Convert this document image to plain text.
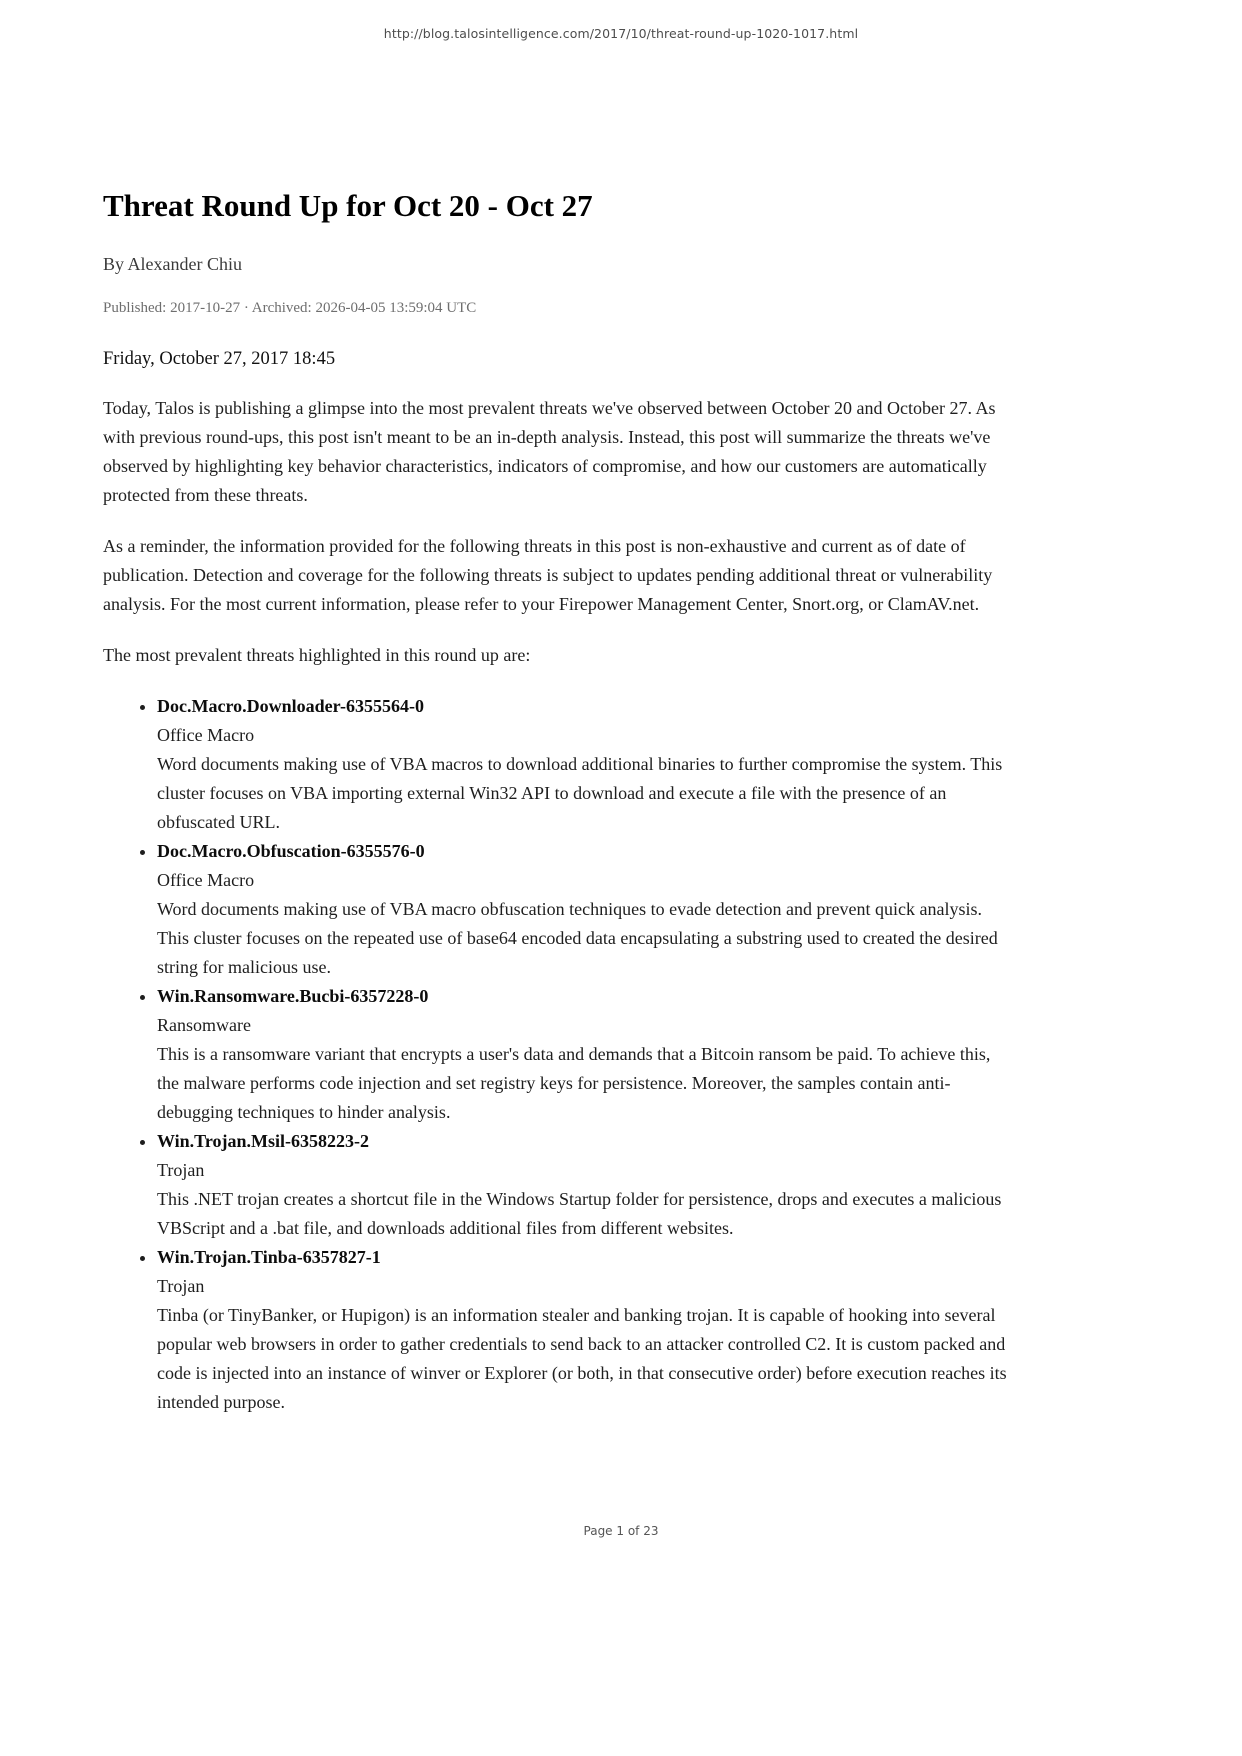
http://blog.talosintelligence.com/2017/10/threat-round-up-1020-1017.html
Threat Round Up for Oct 20 - Oct 27
By Alexander Chiu
Published: 2017-10-27 · Archived: 2026-04-05 13:59:04 UTC
Friday, October 27, 2017 18:45

Today, Talos is publishing a glimpse into the most prevalent threats we've observed between October 20 and October 27. As with previous round-ups, this post isn't meant to be an in-depth analysis. Instead, this post will summarize the threats we've observed by highlighting key behavior characteristics, indicators of compromise, and how our customers are automatically protected from these threats.

As a reminder, the information provided for the following threats in this post is non-exhaustive and current as of date of publication. Detection and coverage for the following threats is subject to updates pending additional threat or vulnerability analysis. For the most current information, please refer to your Firepower Management Center, Snort.org, or ClamAV.net.

The most prevalent threats highlighted in this round up are:

• Doc.Macro.Downloader-6355564-0
Office Macro
Word documents making use of VBA macros to download additional binaries to further compromise the system. This cluster focuses on VBA importing external Win32 API to download and execute a file with the presence of an obfuscated URL.
• Doc.Macro.Obfuscation-6355576-0
Office Macro
Word documents making use of VBA macro obfuscation techniques to evade detection and prevent quick analysis. This cluster focuses on the repeated use of base64 encoded data encapsulating a substring used to created the desired string for malicious use.
• Win.Ransomware.Bucbi-6357228-0
Ransomware
This is a ransomware variant that encrypts a user's data and demands that a Bitcoin ransom be paid. To achieve this, the malware performs code injection and set registry keys for persistence. Moreover, the samples contain anti-debugging techniques to hinder analysis.
• Win.Trojan.Msil-6358223-2
Trojan
This .NET trojan creates a shortcut file in the Windows Startup folder for persistence, drops and executes a malicious VBScript and a .bat file, and downloads additional files from different websites.
• Win.Trojan.Tinba-6357827-1
Trojan
Tinba (or TinyBanker, or Hupigon) is an information stealer and banking trojan. It is capable of hooking into several popular web browsers in order to gather credentials to send back to an attacker controlled C2. It is custom packed and code is injected into an instance of winver or Explorer (or both, in that consecutive order) before execution reaches its intended purpose.
Page 1 of 23
